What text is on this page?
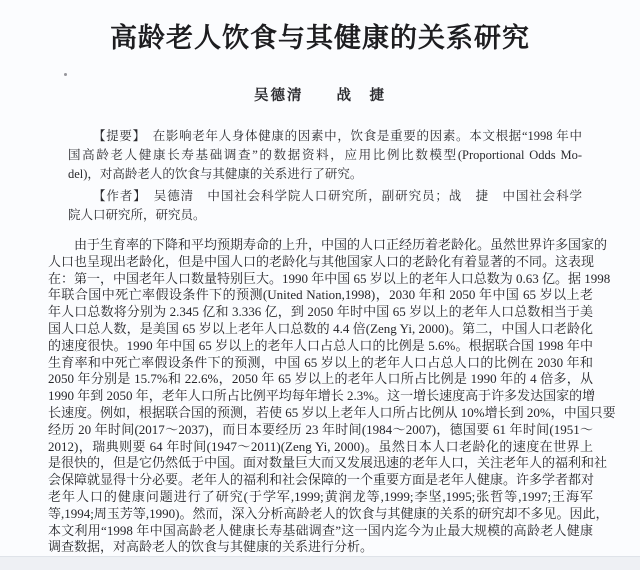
高龄老人饮食与其健康的关系研究
吴德清　　战　捷
【提要】　在影响老年人身体健康的因素中，饮食是重要的因素。本文根据“1998 年中
国高龄老人健康长寿基础调查”的数据资料，应用比例比数模型(Proportional Odds Mo-
del)，对高龄老人的饮食与其健康的关系进行了研究。
【作者】　吴德清　中国社会科学院人口研究所，副研究员；战　捷　中国社会科学
院人口研究所，研究员。
由于生育率的下降和平均预期寿命的上升，中国的人口正经历着老龄化。虽然世界许多国家的
人口也呈现出老龄化，但是中国人口的老龄化与其他国家人口的老龄化有着显著的不同。这表现
在：第一，中国老年人口数量特别巨大。1990 年中国 65 岁以上的老年人口总数为 0.63 亿。据 1998
年联合国中死亡率假设条件下的预测(United Nation,1998)，2030 年和 2050 年中国 65 岁以上老
年人口总数将分别为 2.345 亿和 3.336 亿，到 2050 年时中国 65 岁以上的老年人口总数相当于美
国人口总人数，是美国 65 岁以上老年人口总数的 4.4 倍(Zeng Yi, 2000)。第二，中国人口老龄化
的速度很快。1990 年中国 65 岁以上的老年人口占总人口的比例是 5.6%。根据联合国 1998 年中
生育率和中死亡率假设条件下的预测，中国 65 岁以上的老年人口占总人口的比例在 2030 年和
2050 年分别是 15.7%和 22.6%，2050 年 65 岁以上的老年人口所占比例是 1990 年的 4 倍多，从
1990 年到 2050 年，老年人口所占比例平均每年增长 2.3%。这一增长速度高于许多发达国家的增
长速度。例如，根据联合国的预测，若使 65 岁以上老年人口所占比例从 10%增长到 20%，中国只要
经历 20 年时间(2017～2037)，而日本要经历 23 年时间(1984～2007)，德国要 61 年时间(1951～
2012)，瑞典则要 64 年时间(1947～2011)(Zeng Yi, 2000)。虽然日本人口老龄化的速度在世界上
是很快的，但是它仍然低于中国。面对数量巨大而又发展迅速的老年人口，关注老年人的福利和社
会保障就显得十分必要。老年人的福利和社会保障的一个重要方面是老年人健康。许多学者都对
老年人口的健康问题进行了研究(于学军,1999;黄润龙等,1999;李坚,1995;张哲等,1997;王海军
等,1994;周玉芳等,1990)。然而，深入分析高龄老人的饮食与其健康的关系的研究却不多见。因此，
本文利用“1998 年中国高龄老人健康长寿基础调查”这一国内迄今为止最大规模的高龄老人健康
调查数据，对高龄老人的饮食与其健康的关系进行分析。
